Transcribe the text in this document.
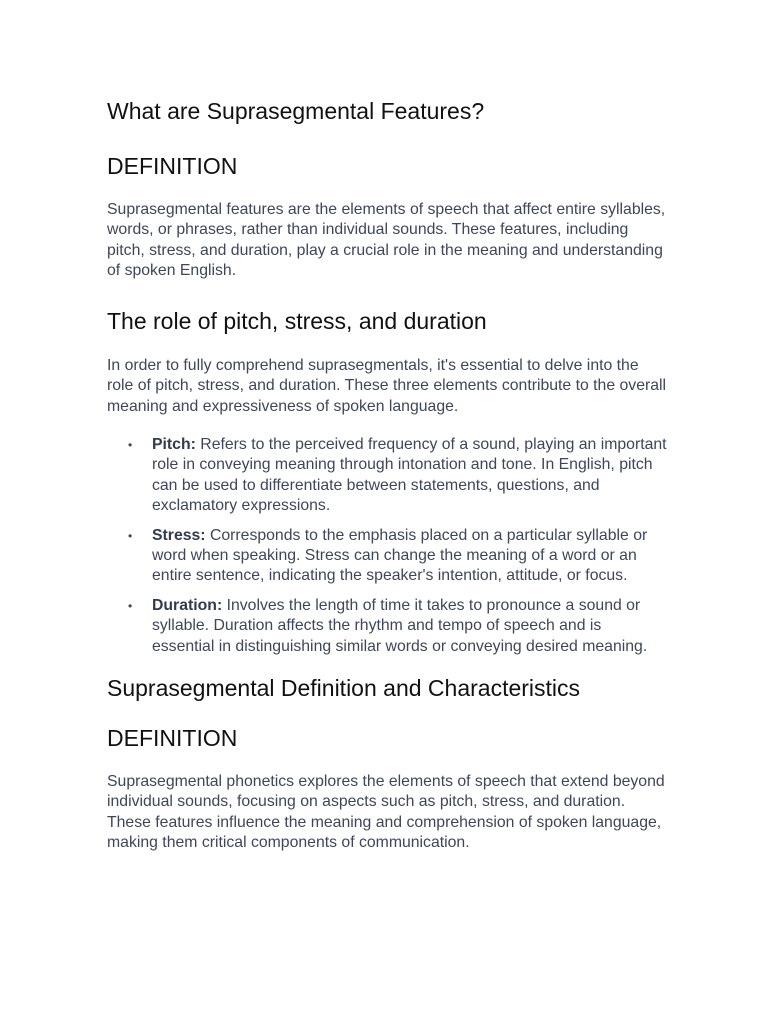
What are Suprasegmental Features?
DEFINITION

Suprasegmental features are the elements of speech that affect entire syllables, words, or phrases, rather than individual sounds. These features, including pitch, stress, and duration, play a crucial role in the meaning and understanding of spoken English.

The role of pitch, stress, and duration

In order to fully comprehend suprasegmentals, it's essential to delve into the role of pitch, stress, and duration. These three elements contribute to the overall meaning and expressiveness of spoken language.

• Pitch: Refers to the perceived frequency of a sound, playing an important role in conveying meaning through intonation and tone. In English, pitch can be used to differentiate between statements, questions, and exclamatory expressions.
• Stress: Corresponds to the emphasis placed on a particular syllable or word when speaking. Stress can change the meaning of a word or an entire sentence, indicating the speaker's intention, attitude, or focus.
• Duration: Involves the length of time it takes to pronounce a sound or syllable. Duration affects the rhythm and tempo of speech and is essential in distinguishing similar words or conveying desired meaning.
Suprasegmental Definition and Characteristics
DEFINITION

Suprasegmental phonetics explores the elements of speech that extend beyond individual sounds, focusing on aspects such as pitch, stress, and duration. These features influence the meaning and comprehension of spoken language, making them critical components of communication.
